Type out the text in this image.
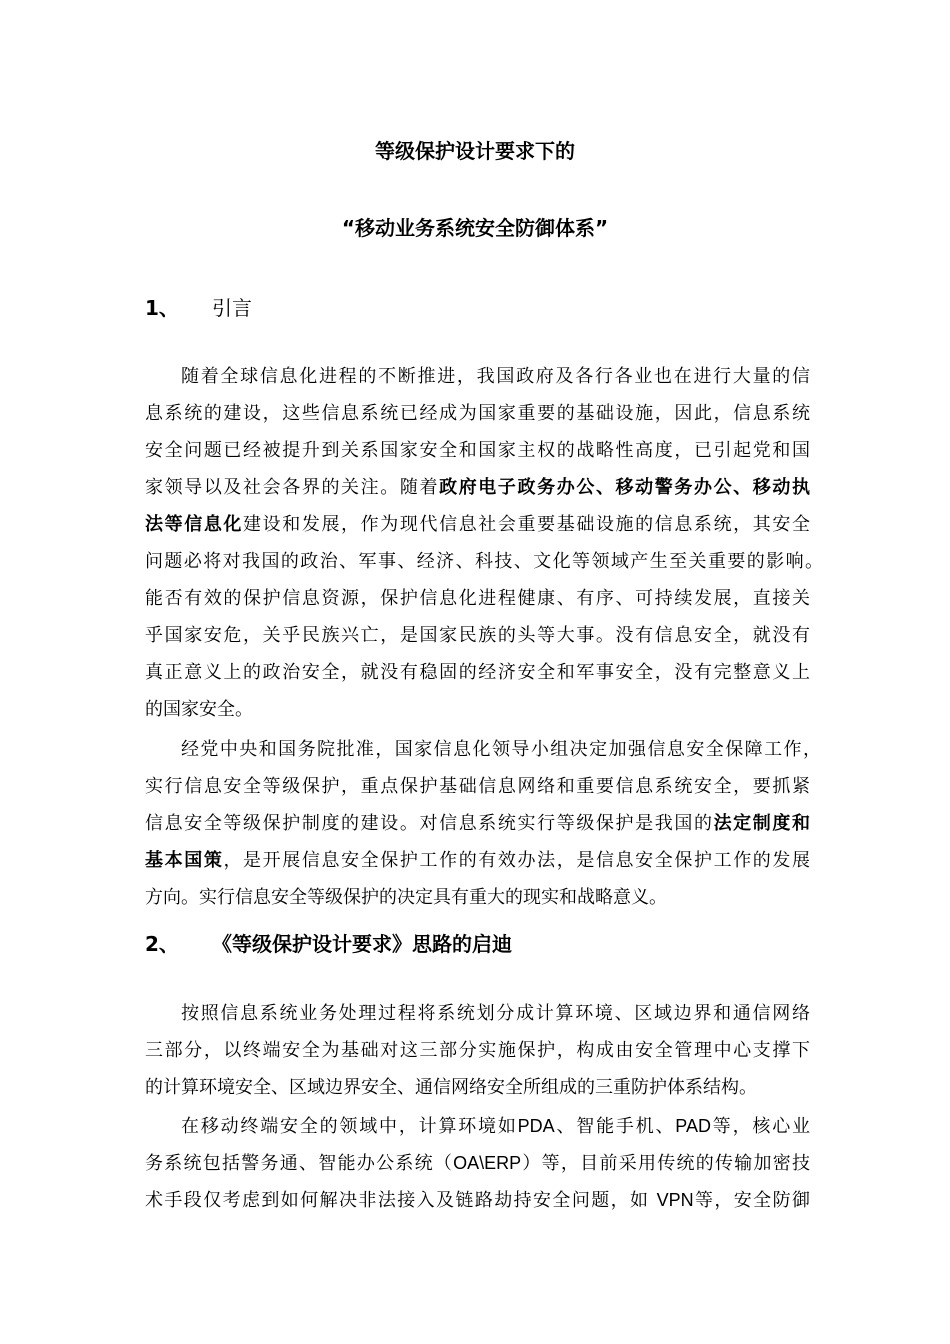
等级保护设计要求下的
“移动业务系统安全防御体系”
1、 引言
随着全球信息化进程的不断推进，我国政府及各行各业也在进行大量的信
息系统的建设，这些信息系统已经成为国家重要的基础设施，因此，信息系统
安全问题已经被提升到关系国家安全和国家主权的战略性高度，已引起党和国
家领导以及社会各界的关注。随着政府电子政务办公、移动警务办公、移动执
法等信息化建设和发展，作为现代信息社会重要基础设施的信息系统，其安全
问题必将对我国的政治、军事、经济、科技、文化等领域产生至关重要的影响。
能否有效的保护信息资源，保护信息化进程健康、有序、可持续发展，直接关
乎国家安危，关乎民族兴亡，是国家民族的头等大事。没有信息安全，就没有
真正意义上的政治安全，就没有稳固的经济安全和军事安全，没有完整意义上
的国家安全。
经党中央和国务院批准，国家信息化领导小组决定加强信息安全保障工作，
实行信息安全等级保护，重点保护基础信息网络和重要信息系统安全，要抓紧
信息安全等级保护制度的建设。对信息系统实行等级保护是我国的法定制度和
基本国策，是开展信息安全保护工作的有效办法，是信息安全保护工作的发展
方向。实行信息安全等级保护的决定具有重大的现实和战略意义。
2、 《等级保护设计要求》思路的启迪
按照信息系统业务处理过程将系统划分成计算环境、区域边界和通信网络
三部分，以终端安全为基础对这三部分实施保护，构成由安全管理中心支撑下
的计算环境安全、区域边界安全、通信网络安全所组成的三重防护体系结构。
在移动终端安全的领域中，计算环境如PDA、智能手机、PAD等，核心业
务系统包括警务通、智能办公系统（OA\ERP）等，目前采用传统的传输加密技
术手段仅考虑到如何解决非法接入及链路劫持安全问题，如 VPN等，安全防御
